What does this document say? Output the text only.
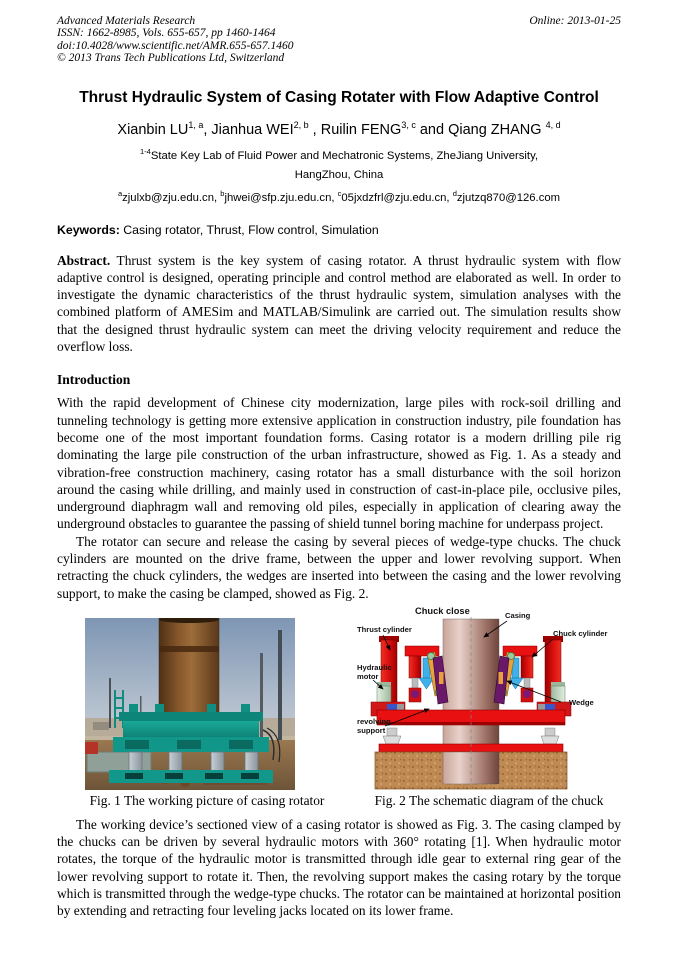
Advanced Materials Research
ISSN: 1662-8985, Vols. 655-657, pp 1460-1464
doi:10.4028/www.scientific.net/AMR.655-657.1460
© 2013 Trans Tech Publications Ltd, Switzerland
Online: 2013-01-25
Thrust Hydraulic System of Casing Rotater with Flow Adaptive Control
Xianbin LU$^{1, a}$, Jianhua WEI$^{2, b}$ , Ruilin FENG$^{3, c}$ and Qiang ZHANG $^{4, d}$
$^{1-4}$State Key Lab of Fluid Power and Mechatronic Systems, ZheJiang University,
HangZhou, China
$^a$zjulxb@zju.edu.cn, $^b$jhwei@sfp.zju.edu.cn, $^c$05jxdzfrl@zju.edu.cn, $^d$zjutzq870@126.com
Keywords: Casing rotator, Thrust, Flow control, Simulation

Abstract. Thrust system is the key system of casing rotator. A thrust hydraulic system with flow adaptive control is designed, operating principle and control method are elaborated as well. In order to investigate the dynamic characteristics of the thrust hydraulic system, simulation analyses with the combined platform of AMESim and MATLAB/Simulink are carried out. The simulation results show that the designed thrust hydraulic system can meet the driving velocity requirement and reduce the overflow loss.

Introduction

With the rapid development of Chinese city modernization, large piles with rock-soil drilling and tunneling technology is getting more extensive application in construction industry, pile foundation has become one of the most important foundation forms. Casing rotator is a modern drilling pile rig dominating the large pile construction of the urban infrastructure, showed as Fig. 1. As a steady and vibration-free construction machinery, casing rotator has a small disturbance with the soil horizon around the casing while drilling, and mainly used in construction of cast-in-place pile, occlusive piles, underground diaphragm wall and removing old piles, especially in application of clearing away the underground obstacles to guarantee the passing of shield tunnel boring machine for underpass project.

The rotator can secure and release the casing by several pieces of wedge-type chucks. The chuck cylinders are mounted on the drive frame, between the upper and lower revolving support. When retracting the chuck cylinders, the wedges are inserted into between the casing and the lower revolving support, to make the casing be clamped, showed as Fig. 2.

Fig. 1 The working picture of casing rotator
Chuck close	Casing
Thrust cylinder	Chuck cylinder
Hydraulic
motor
Wedge
revolving
support
Fig. 2 The schematic diagram of the chuck

The working device’s sectioned view of a casing rotator is showed as Fig. 3. The casing clamped by the chucks can be driven by several hydraulic motors with 360° rotating [1]. When hydraulic motor rotates, the torque of the hydraulic motor is transmitted through idle gear to external ring gear of the lower revolving support to rotate it. Then, the revolving support makes the casing rotary by the torque which is transmitted through the wedge-type chucks. The rotator can be maintained at horizontal position by extending and retracting four leveling jacks located on its lower frame.
